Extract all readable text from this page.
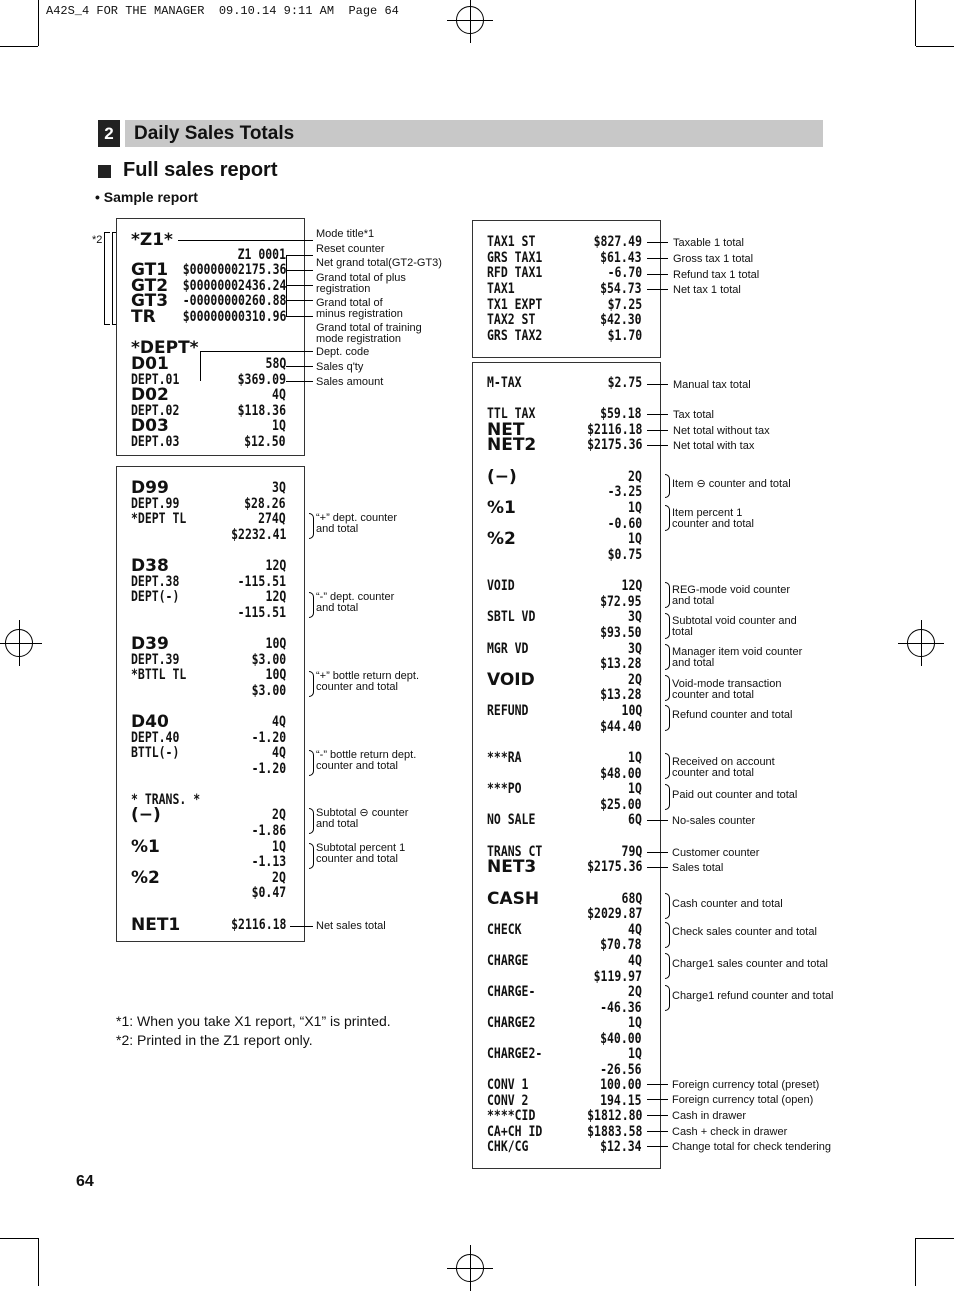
A42S_4 FOR THE MANAGER  09.10.14 9:11 AM  Page 64
2	Daily Sales Totals
Full sales report
• Sample report
*2 *Z1*
Z1 0001
GT1 $00000002175.36
GT2 $00000002436.24
GT3 -00000000260.88
TR $00000000310.96
*DEPT*
D01	58Q
DEPT.01	$369.09
D02	4Q
DEPT.02	$118.36
D03	1Q
DEPT.03	$12.50
D99	3Q
DEPT.99	$28.26
*DEPT TL	274Q
$2232.41
D38	12Q
DEPT.38	-115.51
DEPT(-)	12Q
-115.51
D39	10Q
DEPT.39	$3.00
*BTTL TL	10Q
$3.00
D40	4Q
DEPT.40	-1.20
BTTL(-)	4Q
-1.20
* TRANS. *
(−)	2Q
-1.86
%1	1Q
-1.13
%2	2Q
$0.47
NET1	$2116.18
TAX1 ST	$827.49
GRS TAX1	$61.43
RFD TAX1	-6.70
TAX1	$54.73
TX1 EXPT	$7.25
TAX2 ST	$42.30
GRS TAX2	$1.70
M-TAX	$2.75
TTL TAX	$59.18
NET	$2116.18
NET2	$2175.36
(−)	2Q
-3.25
%1	1Q
-0.60
%2	1Q
$0.75
VOID	12Q
$72.95
SBTL VD	3Q
$93.50
MGR VD	3Q
$13.28
VOID	2Q
$13.28
REFUND	10Q
$44.40
***RA	1Q
$48.00
***PO	1Q
$25.00
NO SALE	6Q
TRANS CT	79Q
NET3	$2175.36
CASH	68Q
$2029.87
CHECK	4Q
$70.78
CHARGE	4Q
$119.97
CHARGE-	2Q
-46.36
CHARGE2	1Q
$40.00
CHARGE2-	1Q
-26.56
CONV 1	100.00
CONV 2	194.15
****CID	$1812.80
CA+CH ID	$1883.58
CHK/CG	$12.34
Mode title*1
Reset counter
Net grand total(GT2-GT3)
Grand total of plus
registration
Grand total of
minus registration
Grand total of training
mode registration
Dept. code
Sales q'ty
Sales amount
“+” dept. counter
and total
“-” dept. counter
and total
“+” bottle return dept.
counter and total
“-” bottle return dept.
counter and total
Subtotal ⊖ counter
and total
Subtotal percent 1
counter and total
Net sales total
Taxable 1 total
Gross tax 1 total
Refund tax 1 total
Net tax 1 total
Manual tax total
Tax total
Net total without tax
Net total with tax
Item ⊖ counter and total
Item percent 1
counter and total
REG-mode void counter
and total
Subtotal void counter and
total
Manager item void counter
and total
Void-mode transaction
counter and total
Refund counter and total
Received on account
counter and total
Paid out counter and total
No-sales counter
Customer counter
Sales total
Cash counter and total
Check sales counter and total
Charge1 sales counter and total
Charge1 refund counter and total
Foreign currency total (preset)
Foreign currency total (open)
Cash in drawer
Cash + check in drawer
Change total for check tendering
*1: When you take X1 report, “X1” is printed.
*2: Printed in the Z1 report only.
64
